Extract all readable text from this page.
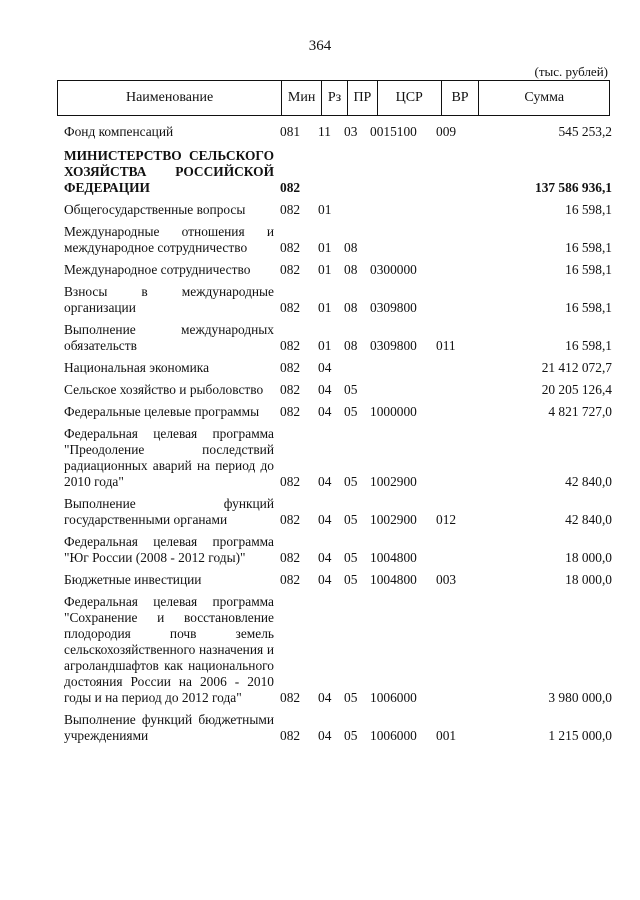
364
(тыс. рублей)
Наименование	Мин Рз ПР	ЦСР	ВР	Сумма
Фонд компенсаций	081	11 03 0015100	009	545 253,2
МИНИСТЕРСТВО СЕЛЬСКОГО ХОЗЯЙСТВА РОССИЙСКОЙ ФЕДЕРАЦИИ	082	137 586 936,1
Общегосударственные вопросы	082	01	16 598,1
Международные отношения и международное сотрудничество	082	01 08	16 598,1
Международное сотрудничество	082	01 08 0300000	16 598,1
Взносы в международные организации	082	01 08 0309800	16 598,1
Выполнение международных обязательств	082	01 08 0309800	011	16 598,1
Национальная экономика	082	04	21 412 072,7
Сельское хозяйство и рыболовство	082	04 05	20 205 126,4
Федеральные целевые программы	082	04 05 1000000	4 821 727,0
Федеральная целевая программа "Преодоление последствий радиационных аварий на период до 2010 года"	082	04 05 1002900	42 840,0
Выполнение функций государственными органами	082	04 05 1002900	012	42 840,0
Федеральная целевая программа "Юг России (2008 - 2012 годы)"	082	04 05 1004800	18 000,0
Бюджетные инвестиции	082	04 05 1004800	003	18 000,0
Федеральная целевая программа "Сохранение и восстановление плодородия почв земель сельскохозяйственного назначения и агроландшафтов как национального достояния России на 2006 - 2010 годы и на период до 2012 года"	082	04 05 1006000	3 980 000,0
Выполнение функций бюджетными учреждениями	082	04 05 1006000	001	1 215 000,0
